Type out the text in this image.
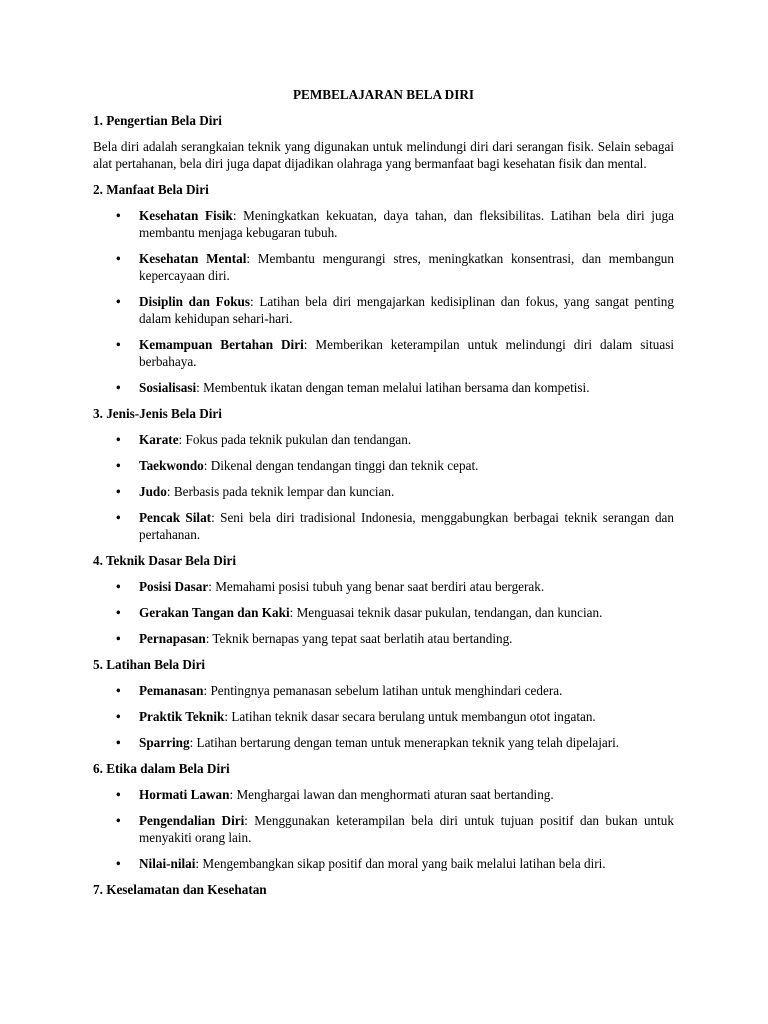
PEMBELAJARAN BELA DIRI
1. Pengertian Bela Diri
Bela diri adalah serangkaian teknik yang digunakan untuk melindungi diri dari serangan fisik. Selain sebagai alat pertahanan, bela diri juga dapat dijadikan olahraga yang bermanfaat bagi kesehatan fisik dan mental.
2. Manfaat Bela Diri
• Kesehatan Fisik: Meningkatkan kekuatan, daya tahan, dan fleksibilitas. Latihan bela diri juga membantu menjaga kebugaran tubuh.
• Kesehatan Mental: Membantu mengurangi stres, meningkatkan konsentrasi, dan membangun kepercayaan diri.
• Disiplin dan Fokus: Latihan bela diri mengajarkan kedisiplinan dan fokus, yang sangat penting dalam kehidupan sehari-hari.
• Kemampuan Bertahan Diri: Memberikan keterampilan untuk melindungi diri dalam situasi berbahaya.
• Sosialisasi: Membentuk ikatan dengan teman melalui latihan bersama dan kompetisi.
3. Jenis-Jenis Bela Diri
• Karate: Fokus pada teknik pukulan dan tendangan.
• Taekwondo: Dikenal dengan tendangan tinggi dan teknik cepat.
• Judo: Berbasis pada teknik lempar dan kuncian.
• Pencak Silat: Seni bela diri tradisional Indonesia, menggabungkan berbagai teknik serangan dan pertahanan.
4. Teknik Dasar Bela Diri
• Posisi Dasar: Memahami posisi tubuh yang benar saat berdiri atau bergerak.
• Gerakan Tangan dan Kaki: Menguasai teknik dasar pukulan, tendangan, dan kuncian.
• Pernapasan: Teknik bernapas yang tepat saat berlatih atau bertanding.
5. Latihan Bela Diri
• Pemanasan: Pentingnya pemanasan sebelum latihan untuk menghindari cedera.
• Praktik Teknik: Latihan teknik dasar secara berulang untuk membangun otot ingatan.
• Sparring: Latihan bertarung dengan teman untuk menerapkan teknik yang telah dipelajari.
6. Etika dalam Bela Diri
• Hormati Lawan: Menghargai lawan dan menghormati aturan saat bertanding.
• Pengendalian Diri: Menggunakan keterampilan bela diri untuk tujuan positif dan bukan untuk menyakiti orang lain.
• Nilai-nilai: Mengembangkan sikap positif dan moral yang baik melalui latihan bela diri.
7. Keselamatan dan Kesehatan
